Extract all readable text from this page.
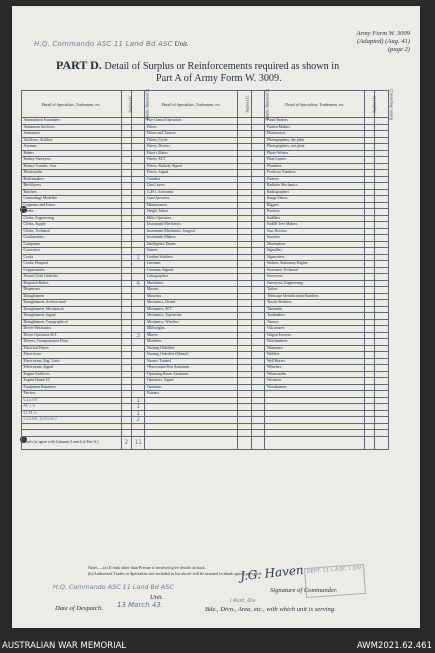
H.Q. Commando ASC 11 Land Bd ASC Unit.
Army Form W. 3009
(Adapted) (Aug. 41)
(page 2)
PART D. Detail of Surplus or Reinforcements required as shown in
Part A of Army Form W. 3009.
Detail of Specialists, Tradesmen, etc.	Surplus (1)	Reinfts. Required (2)	Detail of Specialists, Tradesmen, etc.	Surplus (1)	Reinfts. Required (2)	Detail of Specialists, Tradesmen, etc.	Surplus (1)	Reinfts. Required (2)
Ammunition Examiners			Fire Control Operators			Panel Beaters		
Armament Artificers			Fitters			Pattern Makers		
Armourers			Fitters and Turners			Pharmacists		
Artificers, Artillery			Fitters, Cycle			Photographers, dry plate		
Axemen			Fitters, Drivers			Photographers, wet plate		
Bakers			Fitter's Mates			Photo-Writers		
Battery Surveyors			Fitters, M.T.			Plate Layers		
Battery Comdrs. Asst.			Fitters, Railway Signal			Plumbers		
Blacksmiths			Fitters, Signal			Predictor Numbers		
Boilermakers			Grinders			Printers		
Bricklayers			Gun Layers			Radiator Mechanics		
Butchers			G.P.O. Assistants			Radiographers		
Camouflage Modeller			Gun Operators			Range Takers		
Carpenter and Joiner			Hammermen			Riggers		
Clerks			Height Takers			Riveters		
Clerks, Engineering			Helio Operators			Saddlers		
Clerks, Supply			Instrument Mechanics			Saddle Tree Makers		
Clerks, Technical			Instrument Mechanics, Surgical			Saw Doctors		
Coachmakers			Instrument Makers			Sawyers		
Computers			Intelligence Duties			Shoemakers		
Concretors			Joiners			Signallers		
Cooks		1	Leather Stitchers			Signwriters		
Cooks, Hospital			Linemen			Stokers, Stationary Engine		
Coppersmiths			Linemen, Signals			Storemen, Technical		
Dental Clerk Orderlies			Lithographers			Surveyors		
Despatch Riders		4	Machinists			Surveyors, Engineering		
Dispensers			Masons			Tailors		
Draughtsmen			Masseurs			Telescope Identification Numbers		
Draughtsmen, Architectural			Mechanics, Dental			Textile Refitters		
Draughtsmen, Mechanical			Mechanics, M.T.			Tinsmiths		
Draughtsmen, Signal			Mechanics, Typewriter			Toolmakers		
Draughtsmen, Topographical			Mechanics, Wireless			Turners		
Driver Mechanics			Millwrights			Vulcanisers		
Driver Operators M.T.		3	Miners			Wagon Erectors		
Drivers, Transportation Plant			Moulders			Watchmakers		
Electrical Fitters			Nursing Orderlies			Watermen		
Electricians			Nursing Orderlies (Mental)			Welders		
Electricians, Eng. Units			Nurses, Trained			Well Borers		
Electricians, Signal			Observation Post Assistants			Wheelers		
Engine Artificers			Operating Room Assistants			Whitesmiths		
Engine Hands I/C			Operators, Signal			Wiremen		
Equipment Repairers			Opticians			Woodturners		
Farriers			Painters					
CLERK		1						
M.T.S		1						
Q.M.S.		1						
CLERK (Driver)		2						

Totals (to agree with Columns 3 and 4 of Part A.)	2	11						
Notes.—(a) If rank other than Private is involved give details on back.
(b) Authorised Trades or Specialists not included in list above will be inserted in blank spaces provided.
H.Q. Commando ASC 11 Land Bd ASC
Unit.
J.G. Haven DEPT. 11 L.A.SC 1 DIV
Signature of Commander.
Date of Despatch. 13 March 43.	I Aust. Div
Bde., Divn., Area, etc., with which unit is serving.
AUSTRALIAN WAR MEMORIAL	AWM2021.62.461
